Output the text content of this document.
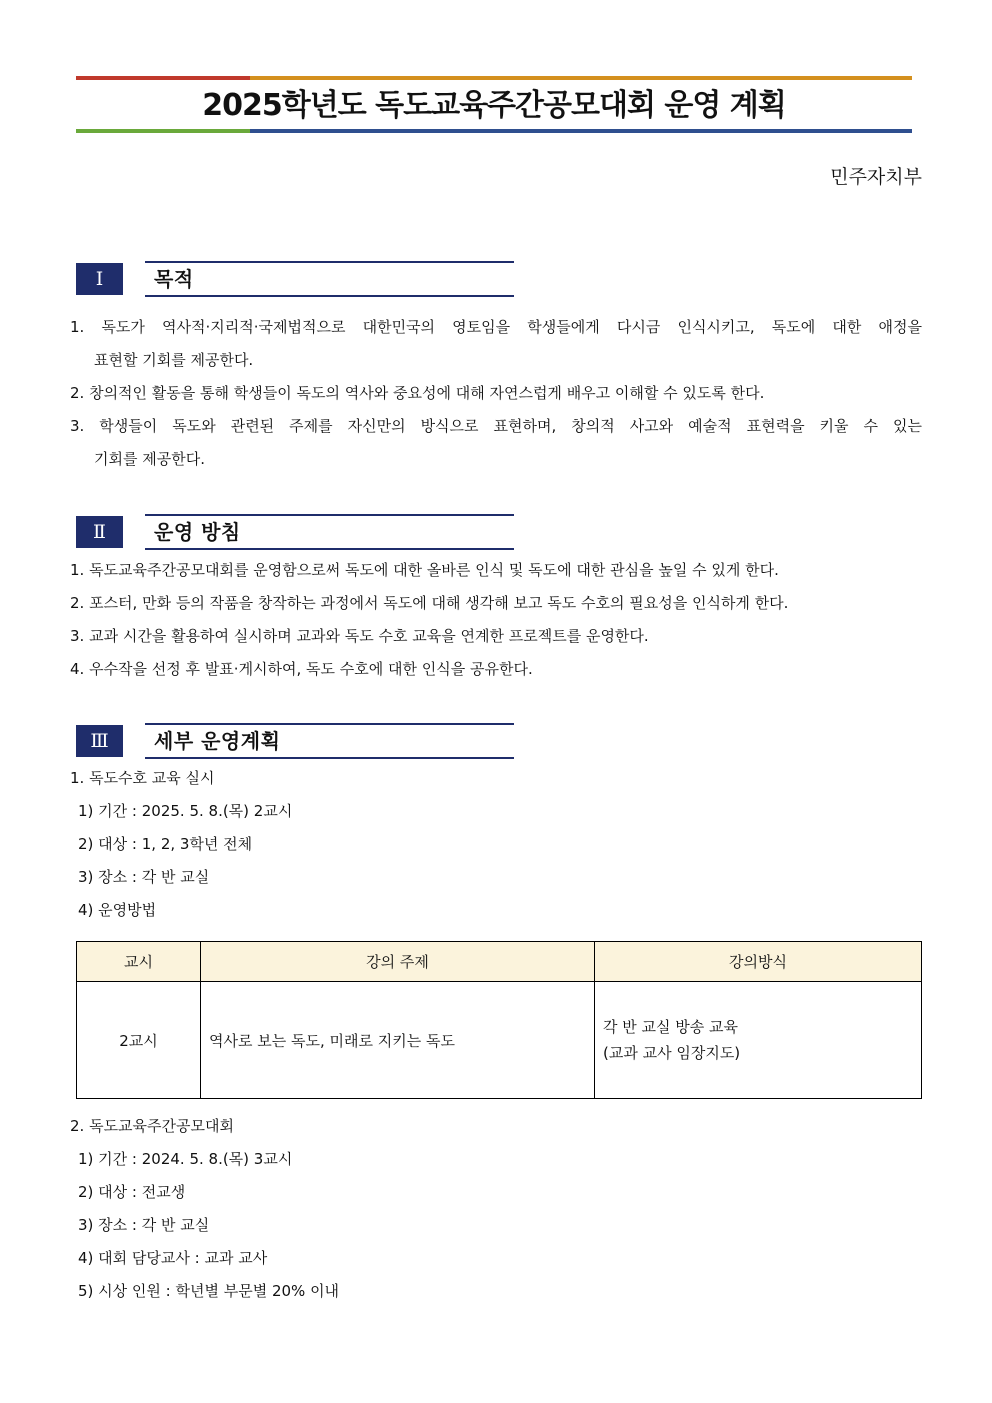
2025학년도 독도교육주간공모대회 운영 계획
민주자치부
Ⅰ	목적

1. 독도가 역사적·지리적·국제법적으로 대한민국의 영토임을 학생들에게 다시금 인식시키고, 독도에 대한 애정을

표현할 기회를 제공한다.

2. 창의적인 활동을 통해 학생들이 독도의 역사와 중요성에 대해 자연스럽게 배우고 이해할 수 있도록 한다.

3. 학생들이 독도와 관련된 주제를 자신만의 방식으로 표현하며, 창의적 사고와 예술적 표현력을 키울 수 있는

기회를 제공한다.

Ⅱ	운영 방침

1. 독도교육주간공모대회를 운영함으로써 독도에 대한 올바른 인식 및 독도에 대한 관심을 높일 수 있게 한다.

2. 포스터, 만화 등의 작품을 창작하는 과정에서 독도에 대해 생각해 보고 독도 수호의 필요성을 인식하게 한다.

3. 교과 시간을 활용하여 실시하며 교과와 독도 수호 교육을 연계한 프로젝트를 운영한다.

4. 우수작을 선정 후 발표·게시하여, 독도 수호에 대한 인식을 공유한다.

Ⅲ	세부 운영계획

1. 독도수호 교육 실시

1) 기간 : 2025. 5. 8.(목) 2교시

2) 대상 : 1, 2, 3학년 전체

3) 장소 : 각 반 교실

4) 운영방법

교시	강의 주제	강의방식
2교시	역사로 보는 독도, 미래로 지키는 독도	각 반 교실 방송 교육
(교과 교사 임장지도)

2. 독도교육주간공모대회

1) 기간 : 2024. 5. 8.(목) 3교시

2) 대상 : 전교생

3) 장소 : 각 반 교실

4) 대회 담당교사 : 교과 교사

5) 시상 인원 : 학년별 부문별 20% 이내
